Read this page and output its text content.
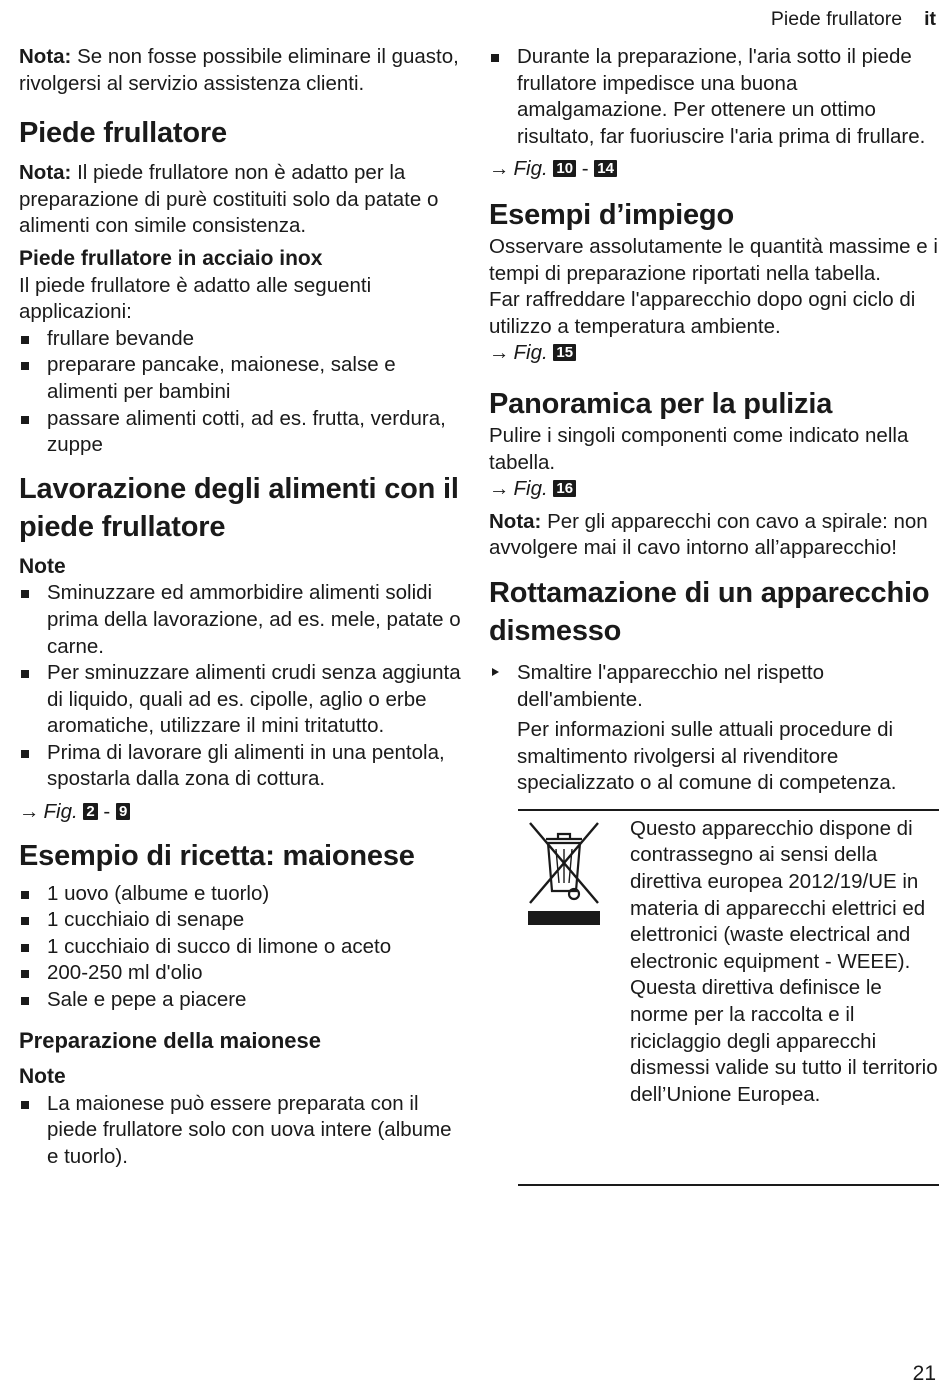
Piede frullatore it

Nota: Se non fosse possibile eliminare il guasto, rivolgersi al servizio assistenza clienti.

Piede frullatore

Nota: Il piede frullatore non è adatto per la preparazione di purè costituiti solo da patate o alimenti con simile consistenza.

Piede frullatore in acciaio inox

Il piede frullatore è adatto alle seguenti applicazioni:

frullare bevande
preparare pancake, maionese, salse e alimenti per bambini
passare alimenti cotti, ad es. frutta, verdura, zuppe
Lavorazione degli alimenti con il piede frullatore
Note
Sminuzzare ed ammorbidire alimenti solidi prima della lavorazione, ad es. mele, patate o carne.
Per sminuzzare alimenti crudi senza aggiunta di liquido, quali ad es. cipolle, aglio o erbe aromatiche, utilizzare il mini tritatutto.
Prima di lavorare gli alimenti in una pentola, spostarla dalla zona di cottura.

→ Fig. 2 - 9

Esempio di ricetta: maionese
1 uovo (albume e tuorlo)
1 cucchiaio di senape
1 cucchiaio di succo di limone o aceto
200-250 ml d'olio
Sale e pepe a piacere
Preparazione della maionese
Note
La maionese può essere preparata con il piede frullatore solo con uova intere (albume e tuorlo).
Durante la preparazione, l'aria sotto il piede frullatore impedisce una buona amalgamazione. Per ottenere un ottimo risultato, far fuoriuscire l'aria prima di frullare.

→ Fig. 10 - 14

Esempi d’impiego

Osservare assolutamente le quantità massime e i tempi di preparazione riportati nella tabella.

Far raffreddare l'apparecchio dopo ogni ciclo di utilizzo a temperatura ambiente.

→ Fig. 15

Panoramica per la pulizia

Pulire i singoli componenti come indicato nella tabella.

→ Fig. 16

Nota: Per gli apparecchi con cavo a spirale: non avvolgere mai il cavo intorno all’apparecchio!

Rottamazione di un apparecchio dismesso
Smaltire l'apparecchio nel rispetto dell'ambiente.

Per informazioni sulle attuali procedure di smaltimento rivolgersi al rivenditore specializzato o al comune di competenza.

Questo apparecchio dispone di contrassegno ai sensi della direttiva europea 2012/19/UE in materia di apparecchi elettrici ed elettronici (waste electrical and electronic equipment - WEEE).

Questa direttiva definisce le norme per la raccolta e il riciclaggio degli apparecchi dismessi valide su tutto il territorio dell’Unione Europea.

21
